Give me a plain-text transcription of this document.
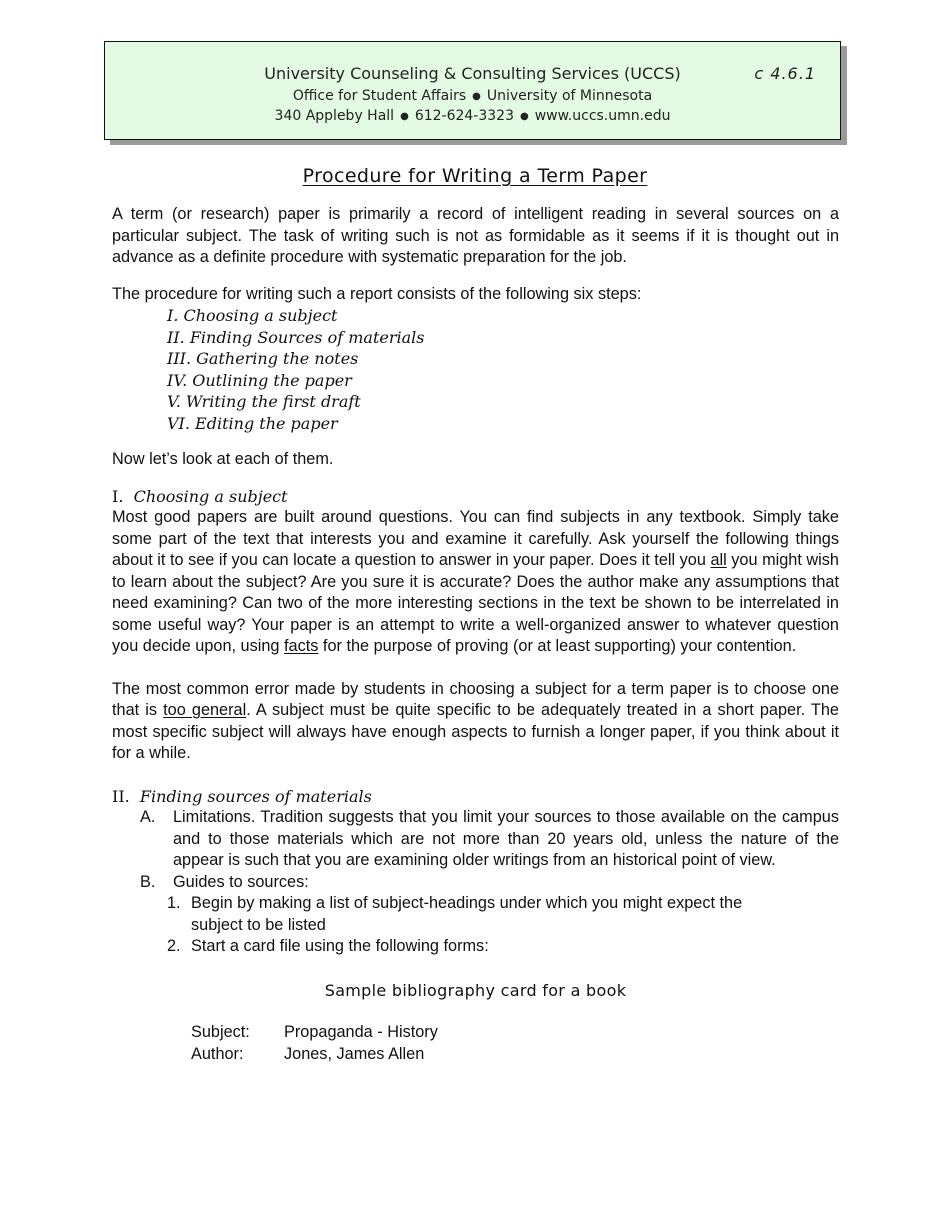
University Counseling & Consulting Services (UCCS)	c 4.6.1
Office for Student Affairs ● University of Minnesota
340 Appleby Hall ● 612-624-3323 ● www.uccs.umn.edu
Procedure for Writing a Term Paper

A term (or research) paper is primarily a record of intelligent reading in several sources on a particular subject. The task of writing such is not as formidable as it seems if it is thought out in advance as a definite procedure with systematic preparation for the job.

The procedure for writing such a report consists of the following six steps:

I. Choosing a subject
II. Finding Sources of materials
III. Gathering the notes
IV. Outlining the paper
V. Writing the first draft
VI. Editing the paper

Now let’s look at each of them.

I. Choosing a subject

Most good papers are built around questions. You can find subjects in any textbook. Simply take some part of the text that interests you and examine it carefully. Ask yourself the following things about it to see if you can locate a question to answer in your paper. Does it tell you all you might wish to learn about the subject? Are you sure it is accurate? Does the author make any assumptions that need examining? Can two of the more interesting sections in the text be shown to be interrelated in some useful way? Your paper is an attempt to write a well-organized answer to whatever question you decide upon, using facts for the purpose of proving (or at least supporting) your contention.

The most common error made by students in choosing a subject for a term paper is to choose one that is too general. A subject must be quite specific to be adequately treated in a short paper. The most specific subject will always have enough aspects to furnish a longer paper, if you think about it for a while.

II. Finding sources of materials
A.	Limitations. Tradition suggests that you limit your sources to those available on the campus and to those materials which are not more than 20 years old, unless the nature of the appear is such that you are examining older writings from an historical point of view.

B.	Guides to sources:

1. Begin by making a list of subject-headings under which you might expect the subject to be listed
2. Start a card file using the following forms:
Sample bibliography card for a book
Subject:	Propaganda - History
Author:	Jones, James Allen
